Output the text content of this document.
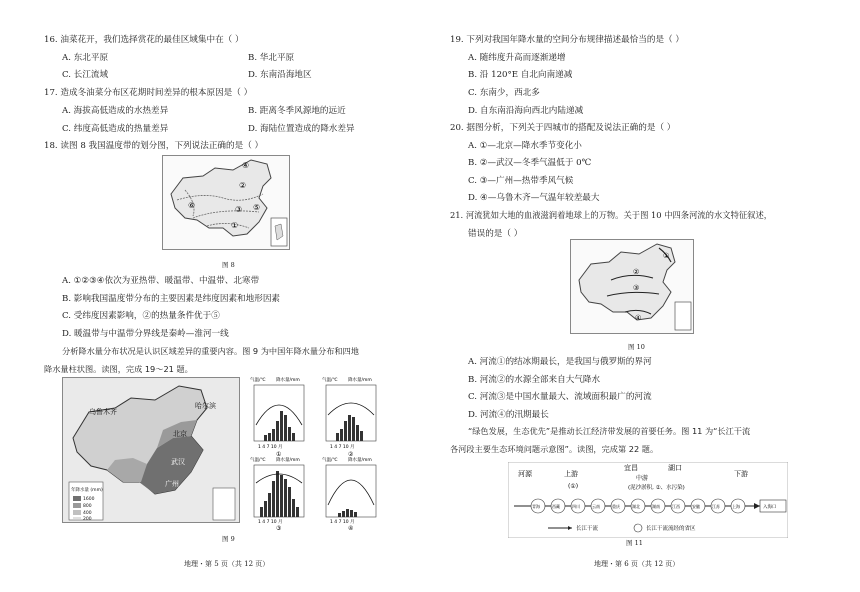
16. 油菜花开，我们选择赏花的最佳区域集中在（ ）
A. 东北平原	B. 华北平原
C. 长江流域	D. 东南沿海地区
17. 造成冬油菜分布区花期时间差异的根本原因是（ ）
A. 海拔高低造成的水热差异	B. 距离冬季风源地的远近
C. 纬度高低造成的热量差异	D. 海陆位置造成的降水差异
18. 读图 8 我国温度带的划分图，下列说法正确的是（ ）
④
⑥
②
③
①
⑤
图 8
A. ①②③④依次为亚热带、暖温带、中温带、北寒带
B. 影响我国温度带分布的主要因素是纬度因素和地形因素
C. 受纬度因素影响，②的热量条件优于⑤
D. 暖温带与中温带分界线是秦岭—淮河一线
分析降水量分布状况是认识区域差异的重要内容。图 9 为中国年降水量分布和四地
降水量柱状图。读图，完成 19～21 题。
乌鲁木齐
哈尔滨
北京
武汉
广州
年降水量 (mm)
1600
800
400
200
气温/℃ 降水量/mm
1 4 7 10 月
①
气温/℃ 降水量/mm
1 4 7 10 月
②
气温/℃ 降水量/mm
1 4 7 10 月
③
气温/℃ 降水量/mm
1 4 7 10 月
④
图 9
地理・第 5 页（共 12 页）
19. 下列对我国年降水量的空间分布规律描述最恰当的是（ ）
A. 随纬度升高而逐渐递增
B. 沿 120°E 自北向南递减
C. 东南少，西北多
D. 自东南沿海向西北内陆递减
20. 据图分析，下列关于四城市的搭配及说法正确的是（ ）
A. ①—北京—降水季节变化小
B. ②—武汉—冬季气温低于 0℃
C. ③—广州—热带季风气候
D. ④—乌鲁木齐—气温年较差最大
21. 河流犹如大地的血液滋润着地球上的万物。关于图 10 中四条河流的水文特征叙述，
错误的是（ ）
①
②
③
④
图 10
A. 河流①的结冰期最长，是我国与俄罗斯的界河
B. 河流②的水源全部来自大气降水
C. 河流③是中国水量最大、流域面积最广的河流
D. 河流④的汛期最长
“绿色发展，生态优先”是推动长江经济带发展的首要任务。图 11 为“长江干流
各河段主要生态环境问题示意图”。读图，完成第 22 题。
河源	上游
宜昌	湖口
下游
中游
(①)	(泥沙淤积, ②、水污染)
青海	西藏	四川	云南	重庆	湖北	湖南	江西	安徽	江苏	上海	入海口
长江干流	长江干流流经的省区
图 11
地理・第 6 页（共 12 页）
